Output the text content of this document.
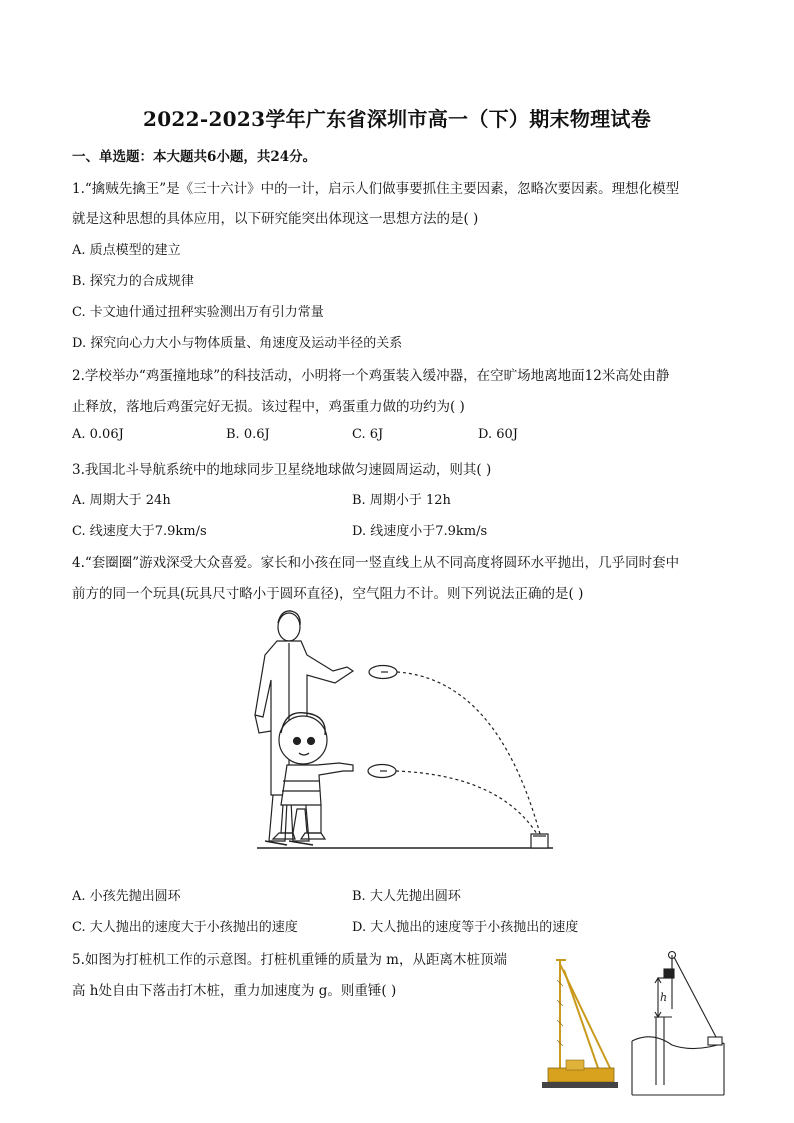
2022-2023学年广东省深圳市高一（下）期末物理试卷
一、单选题：本大题共6小题，共24分。
1.“擒贼先擒王”是《三十六计》中的一计，启示人们做事要抓住主要因素，忽略次要因素。理想化模型
就是这种思想的具体应用，以下研究能突出体现这一思想方法的是( )
A. 质点模型的建立
B. 探究力的合成规律
C. 卡文迪什通过扭秤实验测出万有引力常量
D. 探究向心力大小与物体质量、角速度及运动半径的关系
2.学校举办“鸡蛋撞地球”的科技活动，小明将一个鸡蛋装入缓冲器，在空旷场地离地面12米高处由静
止释放，落地后鸡蛋完好无损。该过程中，鸡蛋重力做的功约为( )
A. 0.06J	B. 0.6J	C. 6J	D. 60J
3.我国北斗导航系统中的地球同步卫星绕地球做匀速圆周运动，则其( )
A. 周期大于 24h	B. 周期小于 12h
C. 线速度大于7.9km/s	D. 线速度小于7.9km/s
4.“套圈圈”游戏深受大众喜爱。家长和小孩在同一竖直线上从不同高度将圆环水平抛出，几乎同时套中
前方的同一个玩具(玩具尺寸略小于圆环直径)，空气阻力不计。则下列说法正确的是( )
A. 小孩先抛出圆环	B. 大人先抛出圆环
C. 大人抛出的速度大于小孩抛出的速度	D. 大人抛出的速度等于小孩抛出的速度
5.如图为打桩机工作的示意图。打桩机重锤的质量为 m，从距离木桩顶端
高 h处自由下落击打木桩，重力加速度为 g。则重锤( )	h
